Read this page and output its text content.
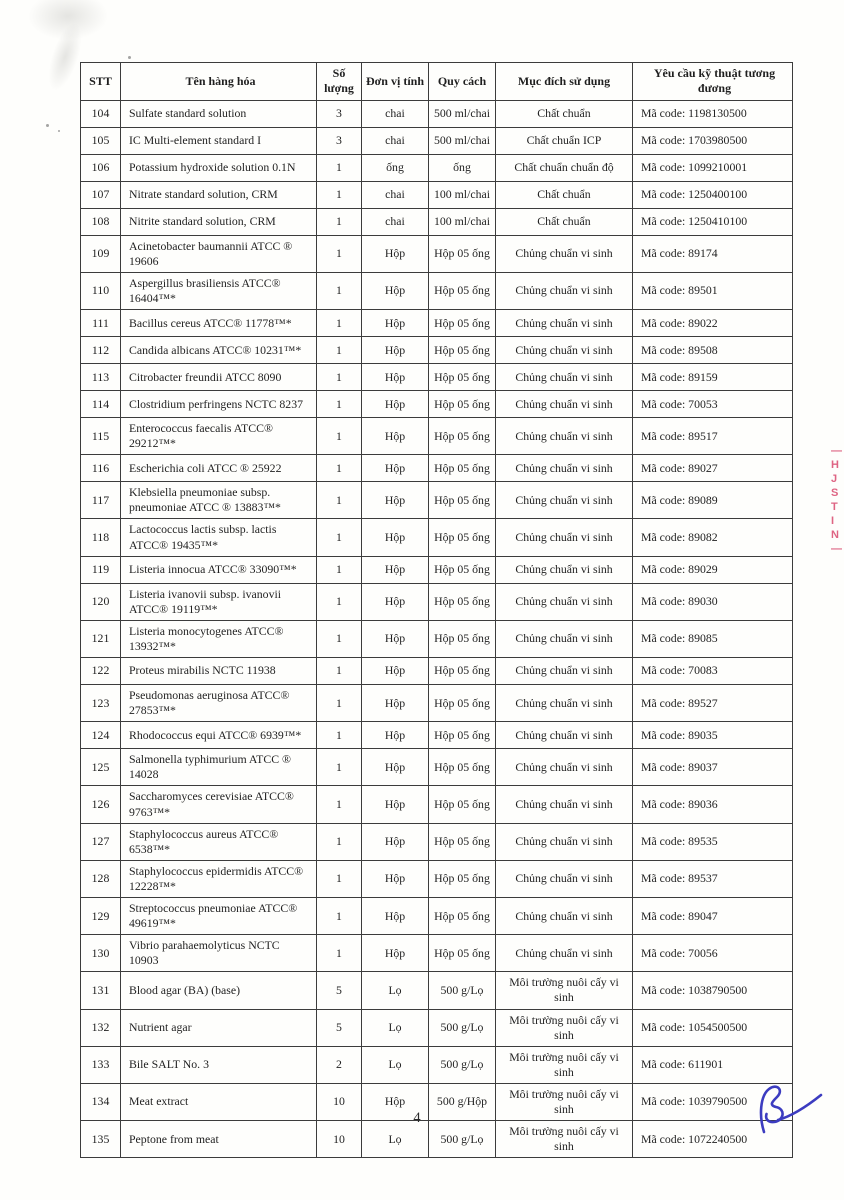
STT	Tên hàng hóa	Số lượng	Đơn vị tính	Quy cách	Mục đích sử dụng	Yêu cầu kỹ thuật tương đương
104	Sulfate standard solution	3	chai	500 ml/chai	Chất chuẩn	Mã code: 1198130500
105	IC Multi-element standard I	3	chai	500 ml/chai	Chất chuẩn ICP	Mã code: 1703980500
106	Potassium hydroxide solution 0.1N	1	ống	ống	Chất chuẩn chuẩn độ	Mã code: 1099210001
107	Nitrate standard solution, CRM	1	chai	100 ml/chai	Chất chuẩn	Mã code: 1250400100
108	Nitrite standard solution, CRM	1	chai	100 ml/chai	Chất chuẩn	Mã code: 1250410100
109	Acinetobacter baumannii ATCC ® 19606	1	Hộp	Hộp 05 ống	Chủng chuẩn vi sinh	Mã code: 89174
110	Aspergillus brasiliensis ATCC® 16404™*	1	Hộp	Hộp 05 ống	Chủng chuẩn vi sinh	Mã code: 89501
111	Bacillus cereus ATCC® 11778™*	1	Hộp	Hộp 05 ống	Chủng chuẩn vi sinh	Mã code: 89022
112	Candida albicans ATCC® 10231™*	1	Hộp	Hộp 05 ống	Chủng chuẩn vi sinh	Mã code: 89508
113	Citrobacter freundii ATCC 8090	1	Hộp	Hộp 05 ống	Chủng chuẩn vi sinh	Mã code: 89159
114	Clostridium perfringens NCTC 8237	1	Hộp	Hộp 05 ống	Chủng chuẩn vi sinh	Mã code: 70053
115	Enterococcus faecalis ATCC® 29212™*	1	Hộp	Hộp 05 ống	Chủng chuẩn vi sinh	Mã code: 89517
116	Escherichia coli ATCC ® 25922	1	Hộp	Hộp 05 ống	Chủng chuẩn vi sinh	Mã code: 89027
117	Klebsiella pneumoniae subsp. pneumoniae ATCC ® 13883™*	1	Hộp	Hộp 05 ống	Chủng chuẩn vi sinh	Mã code: 89089
118	Lactococcus lactis subsp. lactis ATCC® 19435™*	1	Hộp	Hộp 05 ống	Chủng chuẩn vi sinh	Mã code: 89082
119	Listeria innocua ATCC® 33090™*	1	Hộp	Hộp 05 ống	Chủng chuẩn vi sinh	Mã code: 89029
120	Listeria ivanovii subsp. ivanovii ATCC® 19119™*	1	Hộp	Hộp 05 ống	Chủng chuẩn vi sinh	Mã code: 89030
121	Listeria monocytogenes ATCC® 13932™*	1	Hộp	Hộp 05 ống	Chủng chuẩn vi sinh	Mã code: 89085
122	Proteus mirabilis NCTC 11938	1	Hộp	Hộp 05 ống	Chủng chuẩn vi sinh	Mã code: 70083
123	Pseudomonas aeruginosa ATCC® 27853™*	1	Hộp	Hộp 05 ống	Chủng chuẩn vi sinh	Mã code: 89527
124	Rhodococcus equi ATCC® 6939™*	1	Hộp	Hộp 05 ống	Chủng chuẩn vi sinh	Mã code: 89035
125	Salmonella typhimurium ATCC ® 14028	1	Hộp	Hộp 05 ống	Chủng chuẩn vi sinh	Mã code: 89037
126	Saccharomyces cerevisiae ATCC® 9763™*	1	Hộp	Hộp 05 ống	Chủng chuẩn vi sinh	Mã code: 89036
127	Staphylococcus aureus ATCC® 6538™*	1	Hộp	Hộp 05 ống	Chủng chuẩn vi sinh	Mã code: 89535
128	Staphylococcus epidermidis ATCC® 12228™*	1	Hộp	Hộp 05 ống	Chủng chuẩn vi sinh	Mã code: 89537
129	Streptococcus pneumoniae ATCC® 49619™*	1	Hộp	Hộp 05 ống	Chủng chuẩn vi sinh	Mã code: 89047
130	Vibrio parahaemolyticus NCTC 10903	1	Hộp	Hộp 05 ống	Chủng chuẩn vi sinh	Mã code: 70056
131	Blood agar (BA) (base)	5	Lọ	500 g/Lọ	Môi trường nuôi cấy vi sinh	Mã code: 1038790500
132	Nutrient agar	5	Lọ	500 g/Lọ	Môi trường nuôi cấy vi sinh	Mã code: 1054500500
133	Bile SALT No. 3	2	Lọ	500 g/Lọ	Môi trường nuôi cấy vi sinh	Mã code: 611901
134	Meat extract	10	Hộp	500 g/Hộp	Môi trường nuôi cấy vi sinh	Mã code: 1039790500
135	Peptone from meat	10	Lọ	500 g/Lọ	Môi trường nuôi cấy vi sinh	Mã code: 1072240500
4
—
H
J
S
T
I
N
—
